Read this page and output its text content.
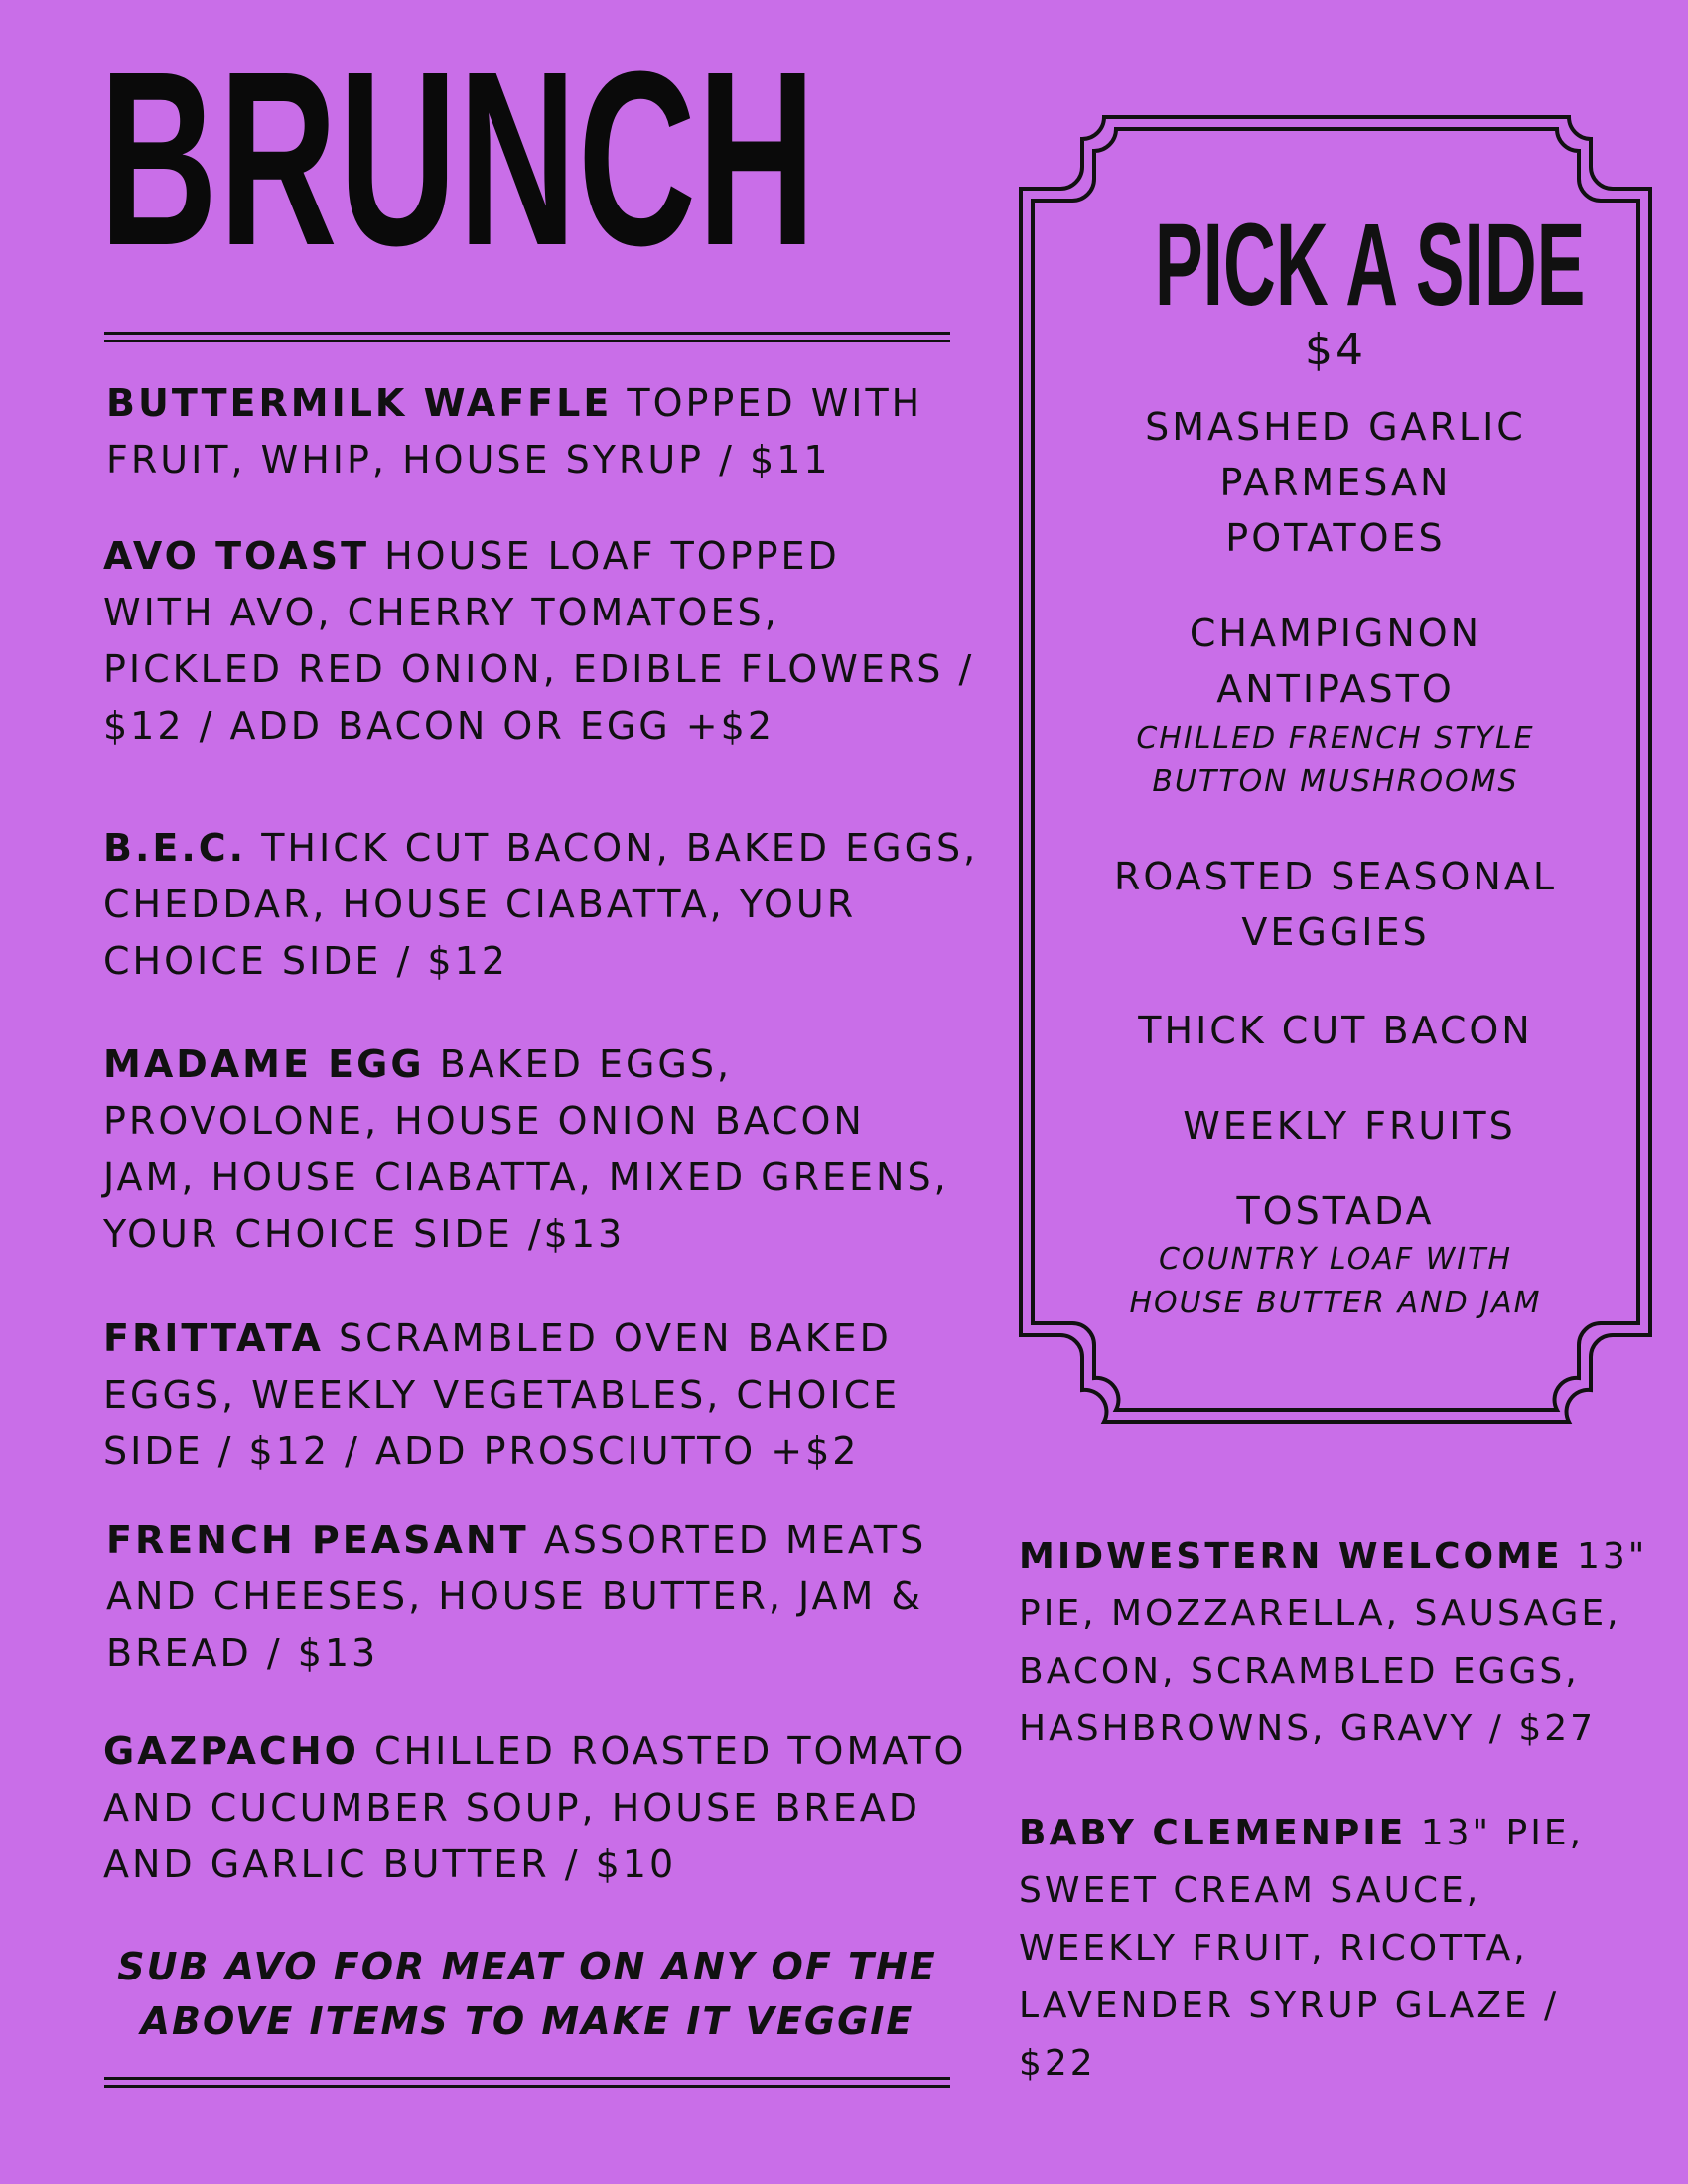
BRUNCH
BUTTERMILK WAFFLE TOPPED WITH
FRUIT, WHIP, HOUSE SYRUP / $11
AVO TOAST HOUSE LOAF TOPPED
WITH AVO, CHERRY TOMATOES,
PICKLED RED ONION, EDIBLE FLOWERS /
$12 / ADD BACON OR EGG +$2
B.E.C. THICK CUT BACON, BAKED EGGS,
CHEDDAR, HOUSE CIABATTA, YOUR
CHOICE SIDE / $12
MADAME EGG BAKED EGGS,
PROVOLONE, HOUSE ONION BACON
JAM, HOUSE CIABATTA, MIXED GREENS,
YOUR CHOICE SIDE /$13
FRITTATA SCRAMBLED OVEN BAKED
EGGS, WEEKLY VEGETABLES, CHOICE
SIDE / $12 / ADD PROSCIUTTO +$2
FRENCH PEASANT ASSORTED MEATS
AND CHEESES, HOUSE BUTTER, JAM &
BREAD / $13
GAZPACHO CHILLED ROASTED TOMATO
AND CUCUMBER SOUP, HOUSE BREAD
AND GARLIC BUTTER / $10
SUB AVO FOR MEAT ON ANY OF THE
ABOVE ITEMS TO MAKE IT VEGGIE
PICK A SIDE
$4
SMASHED GARLIC
PARMESAN
POTATOES
CHAMPIGNON
ANTIPASTO
CHILLED FRENCH STYLE
BUTTON MUSHROOMS
ROASTED SEASONAL
VEGGIES
THICK CUT BACON
WEEKLY FRUITS
TOSTADA
COUNTRY LOAF WITH
HOUSE BUTTER AND JAM
MIDWESTERN WELCOME 13"
PIE, MOZZARELLA, SAUSAGE,
BACON, SCRAMBLED EGGS,
HASHBROWNS, GRAVY / $27
BABY CLEMENPIE 13" PIE,
SWEET CREAM SAUCE,
WEEKLY FRUIT, RICOTTA,
LAVENDER SYRUP GLAZE /
$22
